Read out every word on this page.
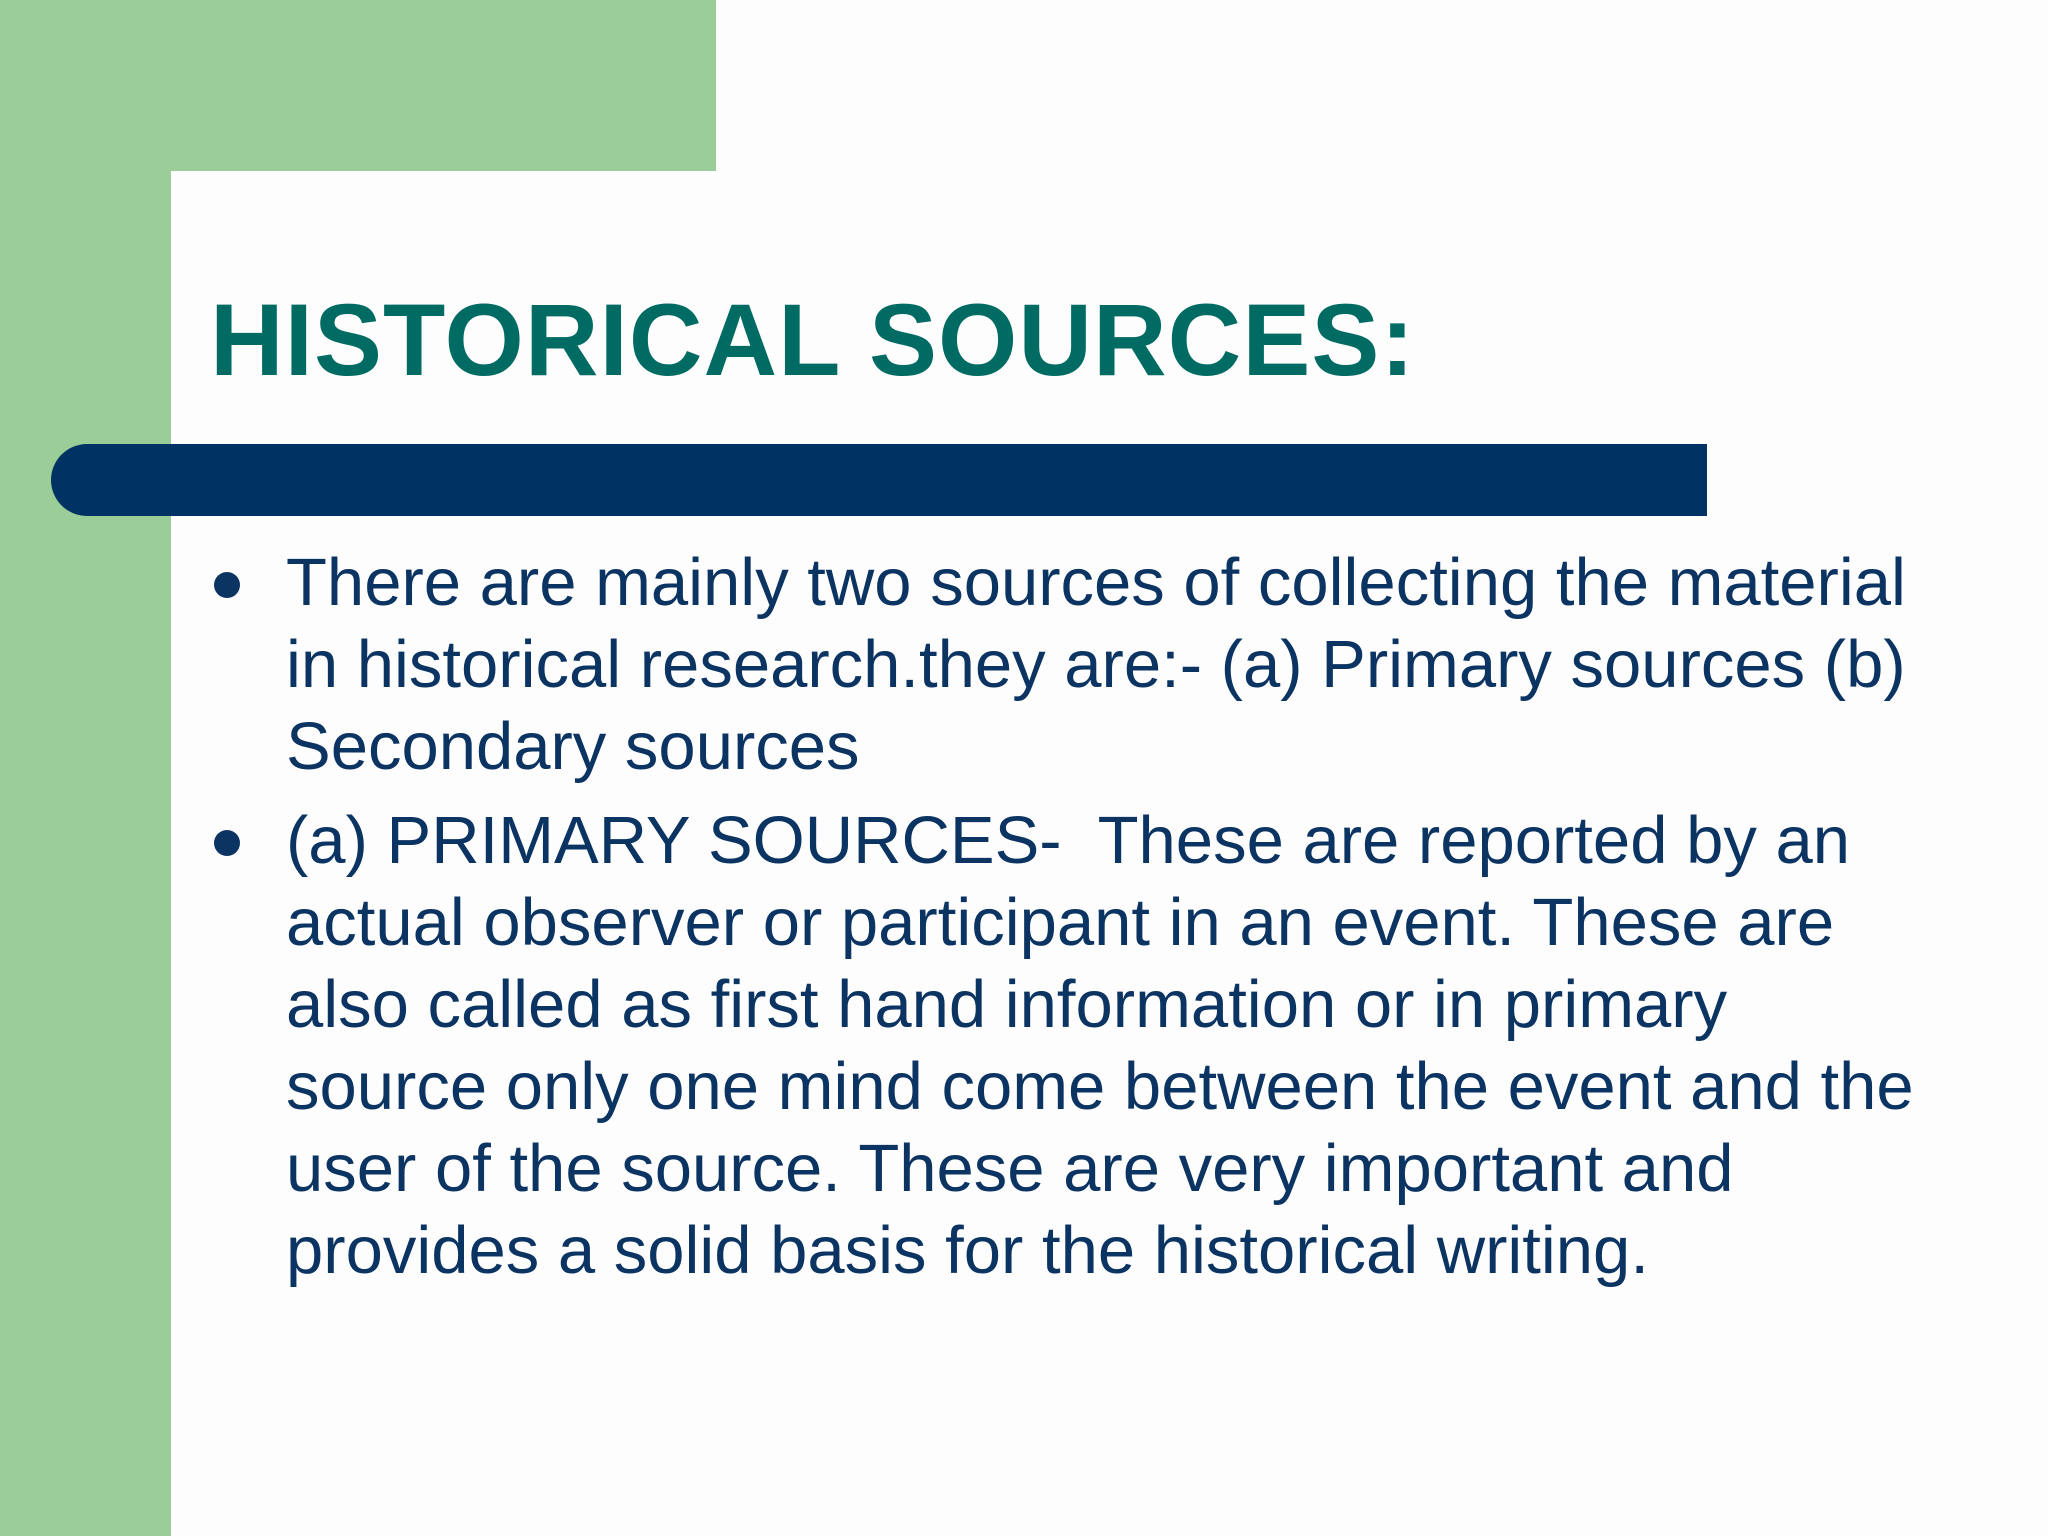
HISTORICAL SOURCES:
There are mainly two sources of collecting the material in historical research.they are:- (a) Primary sources (b) Secondary sources
(a) PRIMARY SOURCES-  These are reported by an actual observer or participant in an event. These are also called as first hand information or in primary source only one mind come between the event and the user of the source. These are very important and provides a solid basis for the historical writing.
